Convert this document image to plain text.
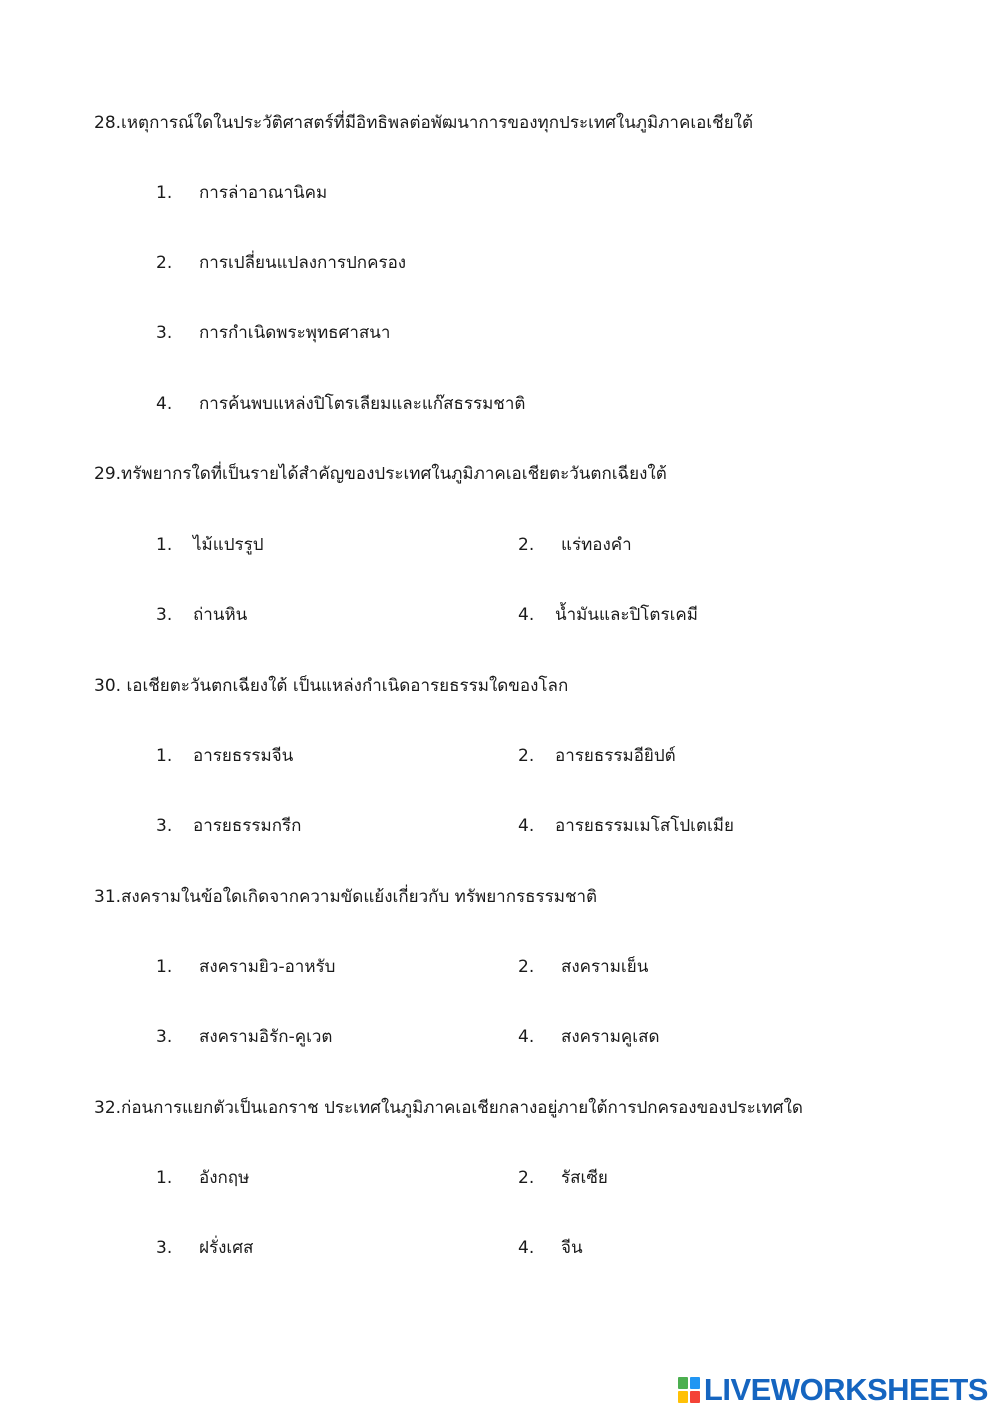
28.เหตุการณ์ใดในประวัติศาสตร์ที่มีอิทธิพลต่อพัฒนาการของทุกประเทศในภูมิภาคเอเชียใต้
1. การล่าอาณานิคม
2. การเปลี่ยนแปลงการปกครอง
3. การกำเนิดพระพุทธศาสนา
4. การค้นพบแหล่งปิโตรเลียมและแก๊สธรรมชาติ
29.ทรัพยากรใดที่เป็นรายได้สำคัญของประเทศในภูมิภาคเอเชียตะวันตกเฉียงใต้
1. ไม้แปรรูป	2. แร่ทองคำ
3. ถ่านหิน	4. น้ำมันและปิโตรเคมี
30. เอเชียตะวันตกเฉียงใต้ เป็นแหล่งกำเนิดอารยธรรมใดของโลก
1. อารยธรรมจีน	2. อารยธรรมอียิปต์
3. อารยธรรมกรีก	4. อารยธรรมเมโสโปเตเมีย
31.สงครามในข้อใดเกิดจากความขัดแย้งเกี่ยวกับ ทรัพยากรธรรมชาติ
1. สงครามยิว-อาหรับ	2. สงครามเย็น
3. สงครามอิรัก-คูเวต	4. สงครามคูเสด
32.ก่อนการแยกตัวเป็นเอกราช ประเทศในภูมิภาคเอเชียกลางอยู่ภายใต้การปกครองของประเทศใด
1. อังกฤษ	2. รัสเซีย
3. ฝรั่งเศส	4. จีน
LIVEWORKSHEETS
